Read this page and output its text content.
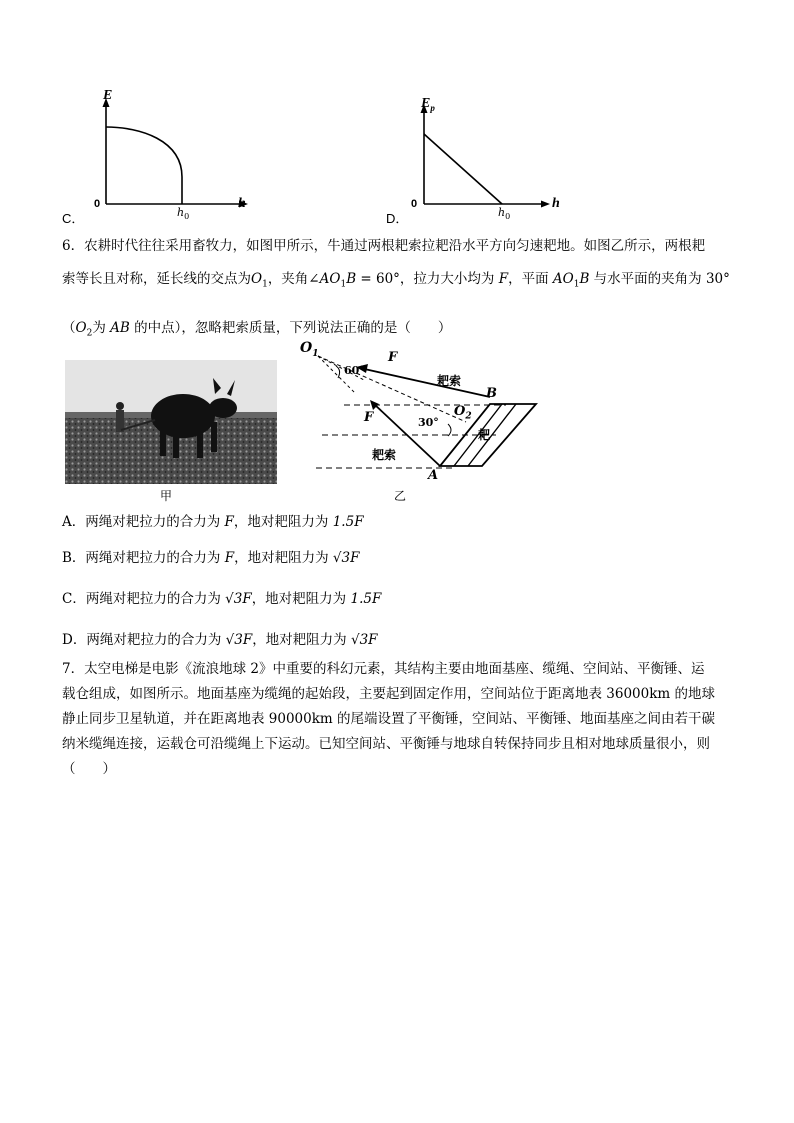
C．
E
0
$h_0$
h
D．
$E_p$
0
$h_0$
h
6．农耕时代往往采用畜牧力，如图甲所示，牛通过两根耙索拉耙沿水平方向匀速耙地。如图乙所示，两根耙
索等长且对称，延长线的交点为$O_1$，夹角$\angle AO_1B = 60^\circ$，拉力大小均为 F，平面 $AO_1B$ 与水平面的夹角为 30°
（$O_2$为 AB 的中点），忽略耙索质量，下列说法正确的是（　　）
甲
$O_1$	F
60°
耙索
B
$O_2$
F	30°
耙
耙索
A
乙
A．两绳对耙拉力的合力为 F，地对耙阻力为 1.5F
B．两绳对耙拉力的合力为 F，地对耙阻力为 √3F
C．两绳对耙拉力的合力为 √3F，地对耙阻力为 1.5F
D．两绳对耙拉力的合力为 √3F，地对耙阻力为 √3F
7．太空电梯是电影《流浪地球 2》中重要的科幻元素，其结构主要由地面基座、缆绳、空间站、平衡锤、运
载仓组成，如图所示。地面基座为缆绳的起始段，主要起到固定作用，空间站位于距离地表 36000km 的地球
静止同步卫星轨道，并在距离地表 90000km 的尾端设置了平衡锤，空间站、平衡锤、地面基座之间由若干碳
纳米缆绳连接，运载仓可沿缆绳上下运动。已知空间站、平衡锤与地球自转保持同步且相对地球质量很小，则
（　　）
